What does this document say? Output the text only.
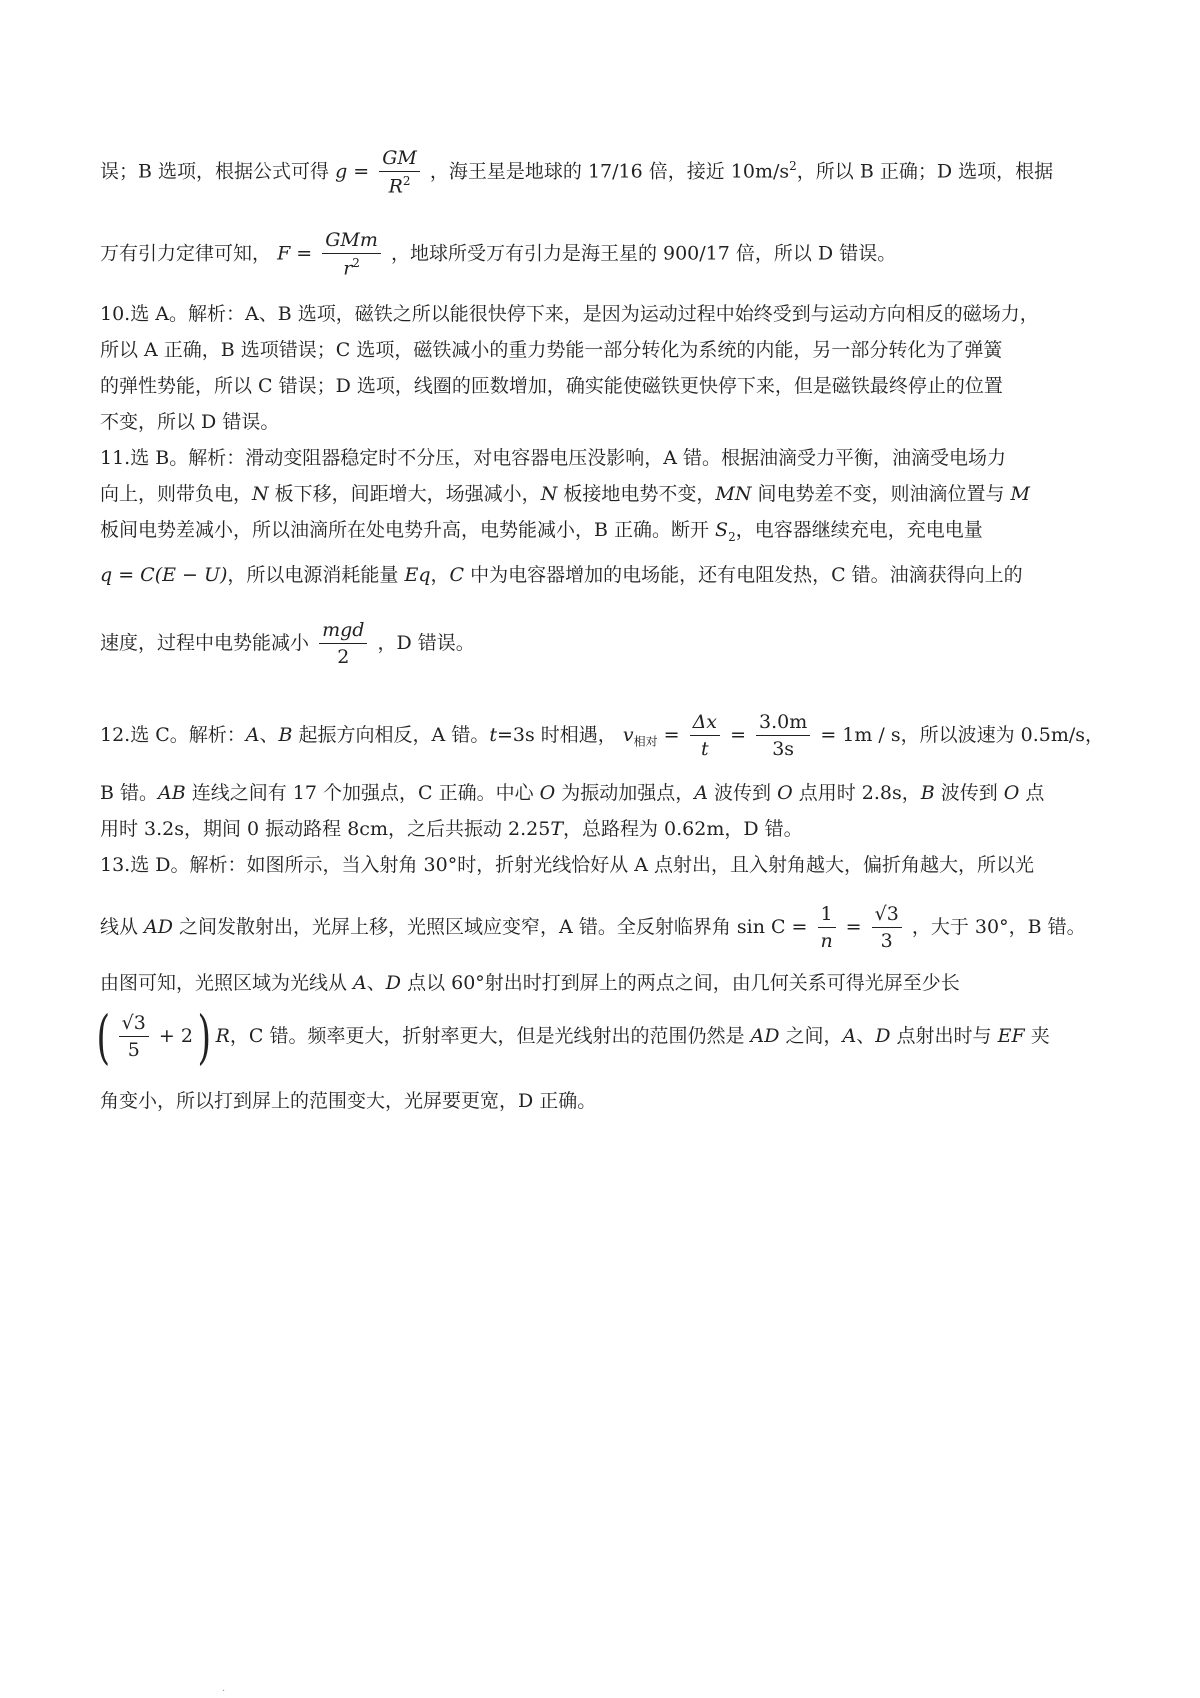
误；B 选项，根据公式可得 $g = \frac{GM}{R^2}$ ，海王星是地球的 17/16 倍，接近 $10m/s^2$，所以 B 正确；D 选项，根据
万有引力定律可知， $F = \frac{\text{GMm}}{r^2}$ ，地球所受万有引力是海王星的 900/17 倍，所以 D 错误。
10.选 A。解析：A、B 选项，磁铁之所以能很快停下来，是因为运动过程中始终受到与运动方向相反的磁场力，
所以 A 正确，B 选项错误；C 选项，磁铁减小的重力势能一部分转化为系统的内能，另一部分转化为了弹簧
的弹性势能，所以 C 错误；D 选项，线圈的匝数增加，确实能使磁铁更快停下来，但是磁铁最终停止的位置
不变，所以 D 错误。
11.选 B。解析：滑动变阻器稳定时不分压，对电容器电压没影响，A 错。根据油滴受力平衡，油滴受电场力
向上，则带负电，N 板下移，间距增大，场强减小，N 板接地电势不变，MN 间电势差不变，则油滴位置与 M
板间电势差减小，所以油滴所在处电势升高，电势能减小，B 正确。断开 $S_2$，电容器继续充电，充电电量
q = C(E − U)，所以电源消耗能量 Eq，C 中为电容器增加的电场能，还有电阻发热，C 错。油滴获得向上的
速度，过程中电势能减小 $\frac{\text{mgd}}{2}$ ，D 错误。
12.选 C。解析：A、B 起振方向相反，A 错。t=3s 时相遇， $v_{相对} = \frac{\Delta x}{t} = \frac{3.0m}{3s} = 1m / s$，所以波速为 0.5m/s，
B 错。AB 连线之间有 17 个加强点，C 正确。中心 O 为振动加强点，A 波传到 O 点用时 2.8s，B 波传到 O 点
用时 3.2s，期间 0 振动路程 8cm，之后共振动 2.25T，总路程为 0.62m，D 错。
13.选 D。解析：如图所示，当入射角 30°时，折射光线恰好从 A 点射出，且入射角越大，偏折角越大，所以光
线从 AD 之间发散射出，光屏上移，光照区域应变窄，A 错。全反射临界角 $\sin C = \frac{1}{n} = \frac{√3}{3}$ ，大于 30°，B 错。
由图可知，光照区域为光线从 A、D 点以 60°射出时打到屏上的两点之间，由几何关系可得光屏至少长
( $\frac{√3}{5} + 2$) R，C 错。频率更大，折射率更大，但是光线射出的范围仍然是 AD 之间，A、D 点射出时与 EF 夹
角变小，所以打到屏上的范围变大，光屏要更宽，D 正确。
·
